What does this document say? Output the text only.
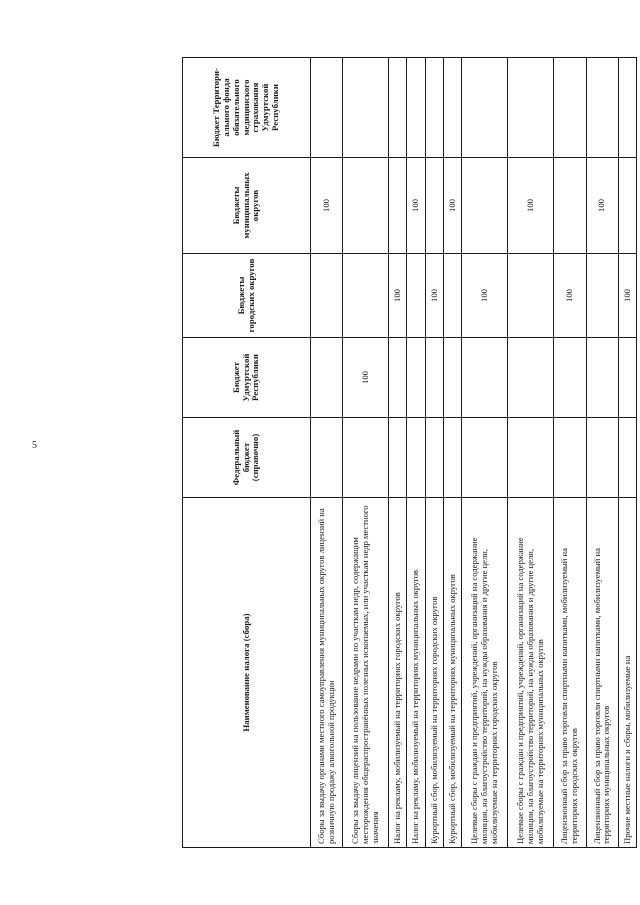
5
Наименование налога (сбора)	Федеральный бюджет (справочно)	Бюджет Удмуртской Республики	Бюджеты городских округов	Бюджеты муниципальных округов	Бюджет Территори-ального фонда обязательного медицинского страхования Удмуртской Республики
Сборы за выдачу органами местного самоуправления муниципальных округов лицензий на розничную продажу алкогольной продукции				100	
Сборы за выдачу лицензий на пользование недрами по участкам недр, содержащим месторождения общераспространённых полезных ископаемых, или участкам недр местного значения		100			
Налог на рекламу, мобилизуемый на территориях городских округов			100		
Налог на рекламу, мобилизуемый на территориях муниципальных округов				100	
Курортный сбор, мобилизуемый на территориях городских округов			100		
Курортный сбор, мобилизуемый на территориях муниципальных округов				100	
Целевые сборы с граждан и предприятий, учреждений, организаций на содержание милиции, на благоустройство территорий, на нужды образования и другие цели, мобилизуемые на территориях городских округов			100		
Целевые сборы с граждан и предприятий, учреждений, организаций на содержание милиции, на благоустройство территорий, на нужды образования и другие цели, мобилизуемые на территориях муниципальных округов				100	
Лицензионный сбор за право торговли спиртными напитками, мобилизуемый на территориях городских округов			100		
Лицензионный сбор за право торговли спиртными напитками, мобилизуемый на территориях муниципальных округов				100	
Прочие местные налоги и сборы, мобилизуемые на			100		
